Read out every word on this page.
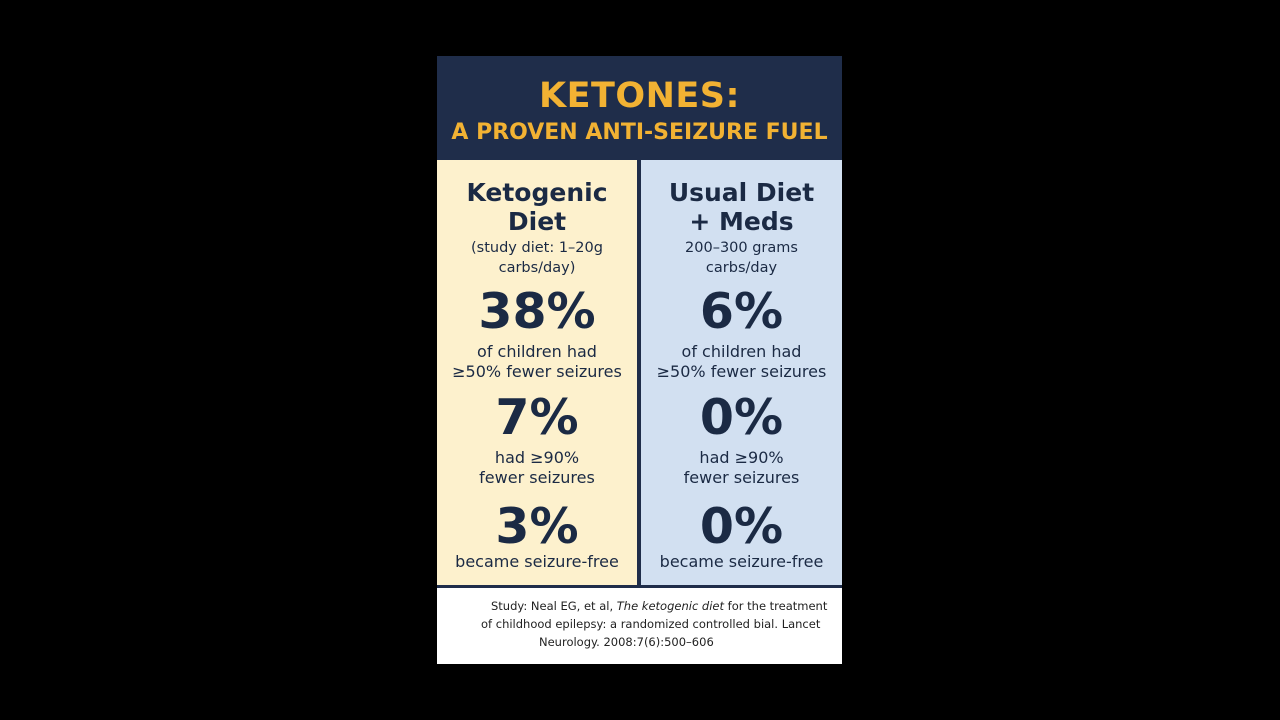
KETONES:
A PROVEN ANTI-SEIZURE FUEL
Ketogenic
Diet
(study diet: 1–20g
carbs/day)
38%
of children had
≥50% fewer seizures
7%
had ≥90%
fewer seizures
3%
became seizure-free
Usual Diet
+ Meds
200–300 grams
carbs/day
6%
of children had
≥50% fewer seizures
0%
had ≥90%
fewer seizures
0%
became seizure-free
Study: Neal EG, et al, The ketogenic diet for the treatment
of childhood epilepsy: a randomized controlled bial. Lancet
Neurology. 2008:7(6):500–606
